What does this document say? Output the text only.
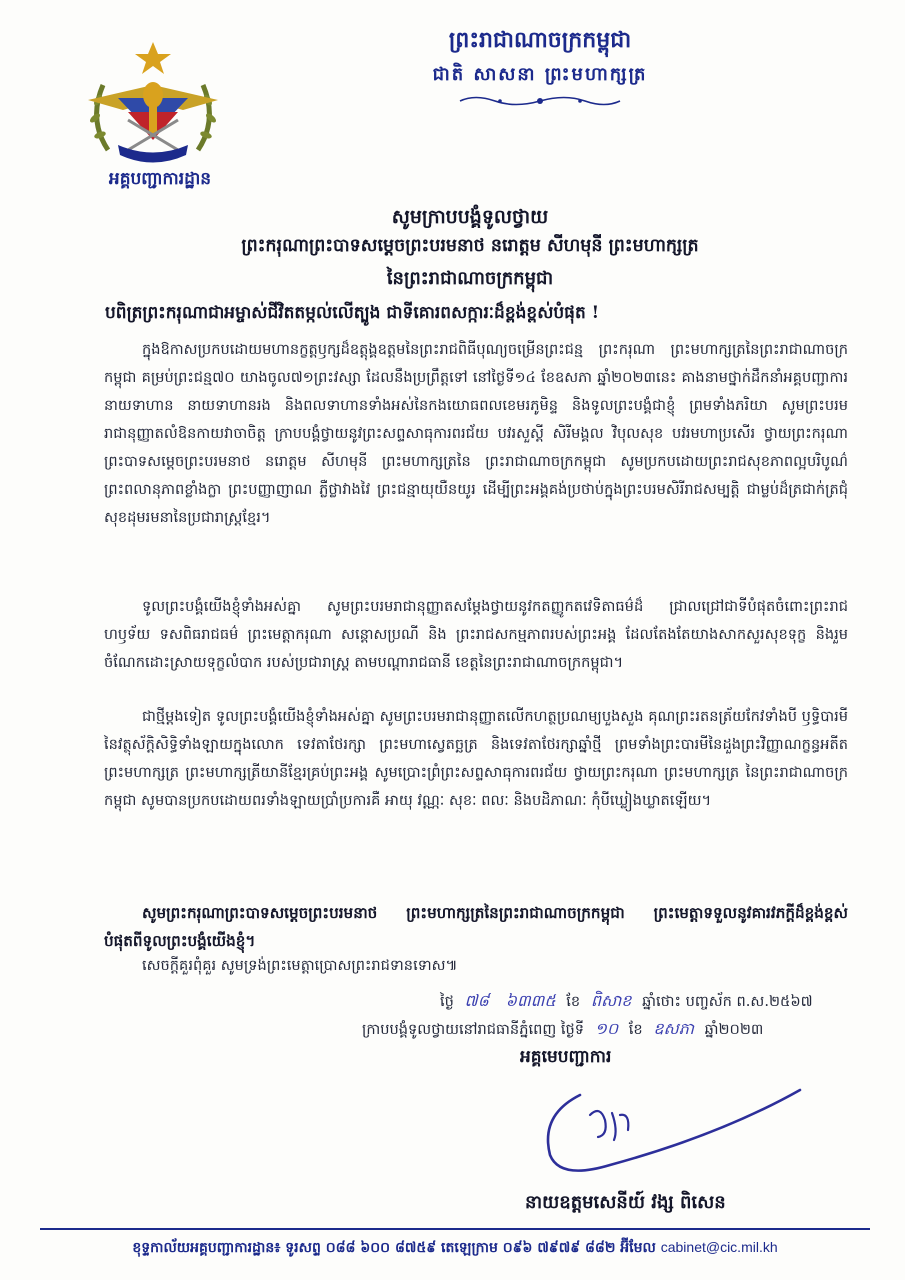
អគ្គបញ្ជាការដ្ឋាន
ព្រះរាជាណាចក្រកម្ពុជា
ជាតិ សាសនា ព្រះមហាក្សត្រ
សូមក្រាបបង្គំទូលថ្វាយ
ព្រះករុណាព្រះបាទសម្តេចព្រះបរមនាថ នរោត្តម សីហមុនី ព្រះមហាក្សត្រ
នៃព្រះរាជាណាចក្រកម្ពុជា
បពិត្រព្រះករុណាជាអម្ចាស់ជីវិតតម្កល់លើត្បូង ជាទីគោរពសក្ការៈដ៏ខ្ពង់ខ្ពស់បំផុត !

ក្នុងឱកាសប្រកបដោយមហានក្ខត្តឫក្សដ៏ឧត្តុង្គឧត្តមនៃព្រះរាជពិធីបុណ្យចម្រើនព្រះជន្ម ព្រះករុណា ព្រះមហាក្សត្រនៃព្រះរាជាណាចក្រកម្ពុជា គម្រប់ព្រះជន្ម៧០ យាងចូល៧១ព្រះវស្សា ដែលនឹងប្រព្រឹត្តទៅ នៅថ្ងៃទី១៤ ខែឧសភា ឆ្នាំ២០២៣នេះ គាងនាមថ្នាក់ដឹកនាំអគ្គបញ្ជាការ នាយទាហាន នាយទាហានរង និងពលទាហានទាំងអស់នៃកងយោធពលខេមរភូមិន្ទ និងទូលព្រះបង្គំជាខ្ញុំ ព្រមទាំងភរិយា សូមព្រះបរម រាជានុញ្ញាតលំឱនកាយវាចាចិត្ត ក្រាបបង្គំថ្វាយនូវព្រះសព្ទសាធុការពរជ័យ បវរសួស្តី សិរីមង្គល វិបុលសុខ បវរមហាប្រសើរ ថ្វាយព្រះករុណា ព្រះបាទសម្តេចព្រះបរមនាថ នរោត្តម សីហមុនី ព្រះមហាក្សត្រនៃ ព្រះរាជាណាចក្រកម្ពុជា សូមប្រកបដោយព្រះរាជសុខភាពល្អបរិបូណ៌ ព្រះពលានុភាពខ្លាំងក្លា ព្រះបញ្ញាញាណ ភ្លឺថ្លាវាងវៃ ព្រះជន្មាយុយឺនយូរ ដើម្បីព្រះអង្គគង់ប្រថាប់ក្នុងព្រះបរមសិរីរាជសម្បត្តិ ជាម្លប់ដ៏ត្រជាក់ត្រជុំ សុខដុមរមនានៃប្រជារាស្ត្រខ្មែរ។

ទូលព្រះបង្គំយើងខ្ញុំទាំងអស់គ្នា សូមព្រះបរមរាជានុញ្ញាតសម្តែងថ្វាយនូវកតញ្ញូកតវេទិតាធម៌ដ៏ ជ្រាលជ្រៅជាទីបំផុតចំពោះព្រះរាជហឫទ័យ ទសពិធរាជធម៌ ព្រះមេត្តាករុណា សន្តោសប្រណី និង ព្រះរាជសកម្មភាពរបស់ព្រះអង្គ ដែលតែងតែយាងសាកសួរសុខទុក្ខ និងរួមចំណែកដោះស្រាយទុក្ខលំបាក របស់ប្រជារាស្ត្រ តាមបណ្តារាជធានី ខេត្តនៃព្រះរាជាណាចក្រកម្ពុជា។

ជាថ្មីម្តងទៀត ទូលព្រះបង្គំយើងខ្ញុំទាំងអស់គ្នា សូមព្រះបរមរាជានុញ្ញាតលើកហត្ថប្រណម្យបួងសួង គុណព្រះរតនត្រ័យកែវទាំងបី ឫទ្ធិបារមីនៃវត្ថុស័ក្តិសិទ្ធិទាំងឡាយក្នុងលោក ទេវតាថែរក្សា ព្រះមហាស្វេតច្ឆត្រ និងទេវតាថែរក្សាឆ្នាំថ្មី ព្រមទាំងព្រះបារមីនៃដួងព្រះវិញ្ញាណក្ខន្ធអតីតព្រះមហាក្សត្រ ព្រះមហាក្សត្រីយានីខ្មែរគ្រប់ព្រះអង្គ សូមប្រោះព្រំព្រះសព្ទសាធុការពរជ័យ ថ្វាយព្រះករុណា ព្រះមហាក្សត្រ នៃព្រះរាជាណាចក្រកម្ពុជា សូមបានប្រកបដោយពរទាំងឡាយប្រាំប្រការគឺ អាយុ វណ្ណៈ សុខៈ ពលៈ និងបដិភាណៈ កុំបីឃ្លៀងឃ្លាតឡើយ។

សូមព្រះករុណាព្រះបាទសម្តេចព្រះបរមនាថ ព្រះមហាក្សត្រនៃព្រះរាជាណាចក្រកម្ពុជា ព្រះមេត្តាទទួលនូវគារវភក្តីដ៏ខ្ពង់ខ្ពស់បំផុតពីទូលព្រះបង្គំយើងខ្ញុំ។

សេចក្តីគួរពុំគួរ សូមទ្រង់ព្រះមេត្តាប្រោសព្រះរាជទានទោស៕
ថ្ងៃ ៧៨ ៦៣៣៥ ខែ ពិសាខ ឆ្នាំថោះ បញ្ចស័ក ព.ស.២៥៦៧
ក្រាបបង្គំទូលថ្វាយនៅរាជធានីភ្នំពេញ ថ្ងៃទី ១០ ខែ ឧសភា ឆ្នាំ២០២៣
អគ្គមេបញ្ជាការ
នាយឧត្តមសេនីយ៍ វង្ស ពិសេន
ខុទ្ទកាល័យអគ្គបញ្ជាការដ្ឋាន៖ ទូរសព្ទ ០៨៨ ៦០០ ៨៧៥៩ តេឡេក្រាម ០៩៦ ៧៩៧៩ ៨៨២ អ៊ីមែល cabinet@cic.mil.kh
